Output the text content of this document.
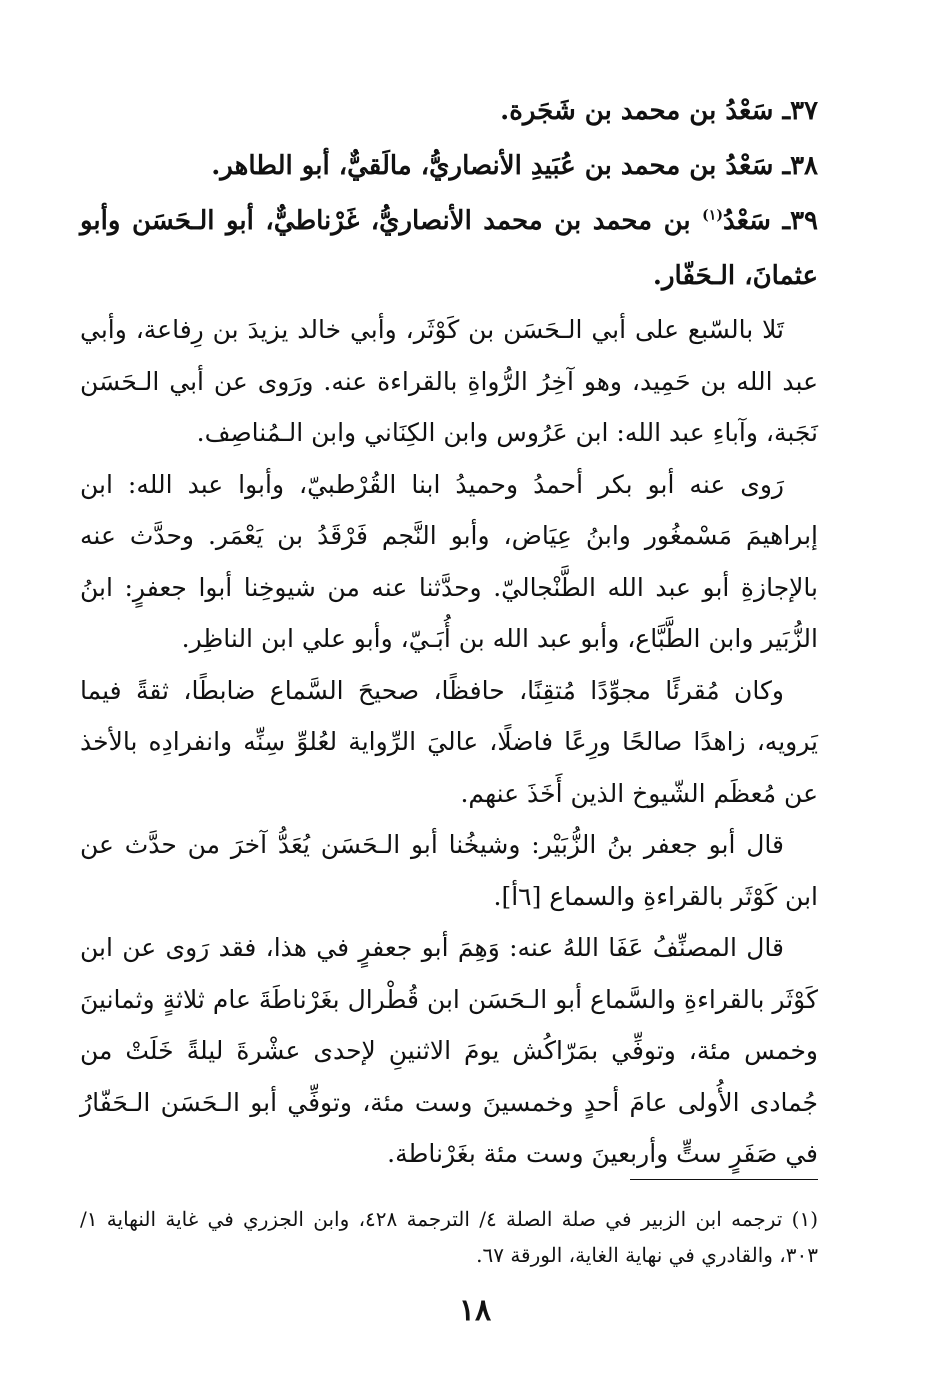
٣٧ـ سَعْدُ بن محمد بن شَجَرة.

٣٨ـ سَعْدُ بن محمد بن عُبَيدِ الأنصاريُّ، مالَقيٌّ، أبو الطاهر.

٣٩ـ سَعْدُ$^{(١)}$ بن محمد بن محمد الأنصاريُّ، غَرْناطيٌّ، أبو الـحَسَن وأبو عثمانَ، الـحَفّار.

تَلا بالسّبع على أبي الـحَسَن بن كَوْثَر، وأبي خالد يزيدَ بن رِفاعة، وأبي عبد الله بن حَمِيد، وهو آخِرُ الرُّواةِ بالقراءة عنه. ورَوى عن أبي الـحَسَن نَجَبة، وآباءِ عبد الله: ابن عَرُوس وابن الكِنَاني وابن الـمُناصِف.

رَوى عنه أبو بكر أحمدُ وحميدُ ابنا القُرْطبيّ، وأبوا عبد الله: ابن إبراهيمَ مَسْمغُور وابنُ عِيَاض، وأبو النَّجم فَرْقَدُ بن يَعْمَر. وحدَّث عنه بالإجازةِ أبو عبد الله الطَّنْجاليّ. وحدَّثنا عنه من شيوخِنا أبوا جعفرٍ: ابنُ الزُّبَير وابن الطَّبَّاع، وأبو عبد الله بن أُبَـيّ، وأبو علي ابن الناظِر.

وكان مُقرئًا مجوِّدًا مُتقِنًا، حافظًا، صحيحَ السَّماع ضابطًا، ثقةً فيما يَرويه، زاهدًا صالحًا ورِعًا فاضلًا، عاليَ الرِّواية لعُلوِّ سِنِّه وانفرادِه بالأخذ عن مُعظَم الشّيوخ الذين أَخَذَ عنهم.

قال أبو جعفر بنُ الزُّبَيْر: وشيخُنا أبو الـحَسَن يُعَدُّ آخرَ من حدَّث عن ابن كَوْثَر بالقراءةِ والسماع [٦أ].

قال المصنِّفُ عَفَا اللهُ عنه: وَهِمَ أبو جعفرٍ في هذا، فقد رَوى عن ابن كَوْثَر بالقراءةِ والسَّماع أبو الـحَسَن ابن قُطْرال بغَرْناطَةَ عام ثلاثةٍ وثمانينَ وخمس مئة، وتوفِّي بمَرّاكُش يومَ الاثنينِ لإحدى عشْرةَ ليلةً خَلَتْ من جُمادى الأُولى عامَ أحدٍ وخمسينَ وست مئة، وتوفِّي أبو الـحَسَن الـحَفّارُ في صَفَرٍ ستٍّ وأربعينَ وست مئة بغَرْناطة.

(١) ترجمه ابن الزبير في صلة الصلة ٤/ الترجمة ٤٢٨، وابن الجزري في غاية النهاية ١/ ٣٠٣، والقادري في نهاية الغاية، الورقة ٦٧.

١٨
